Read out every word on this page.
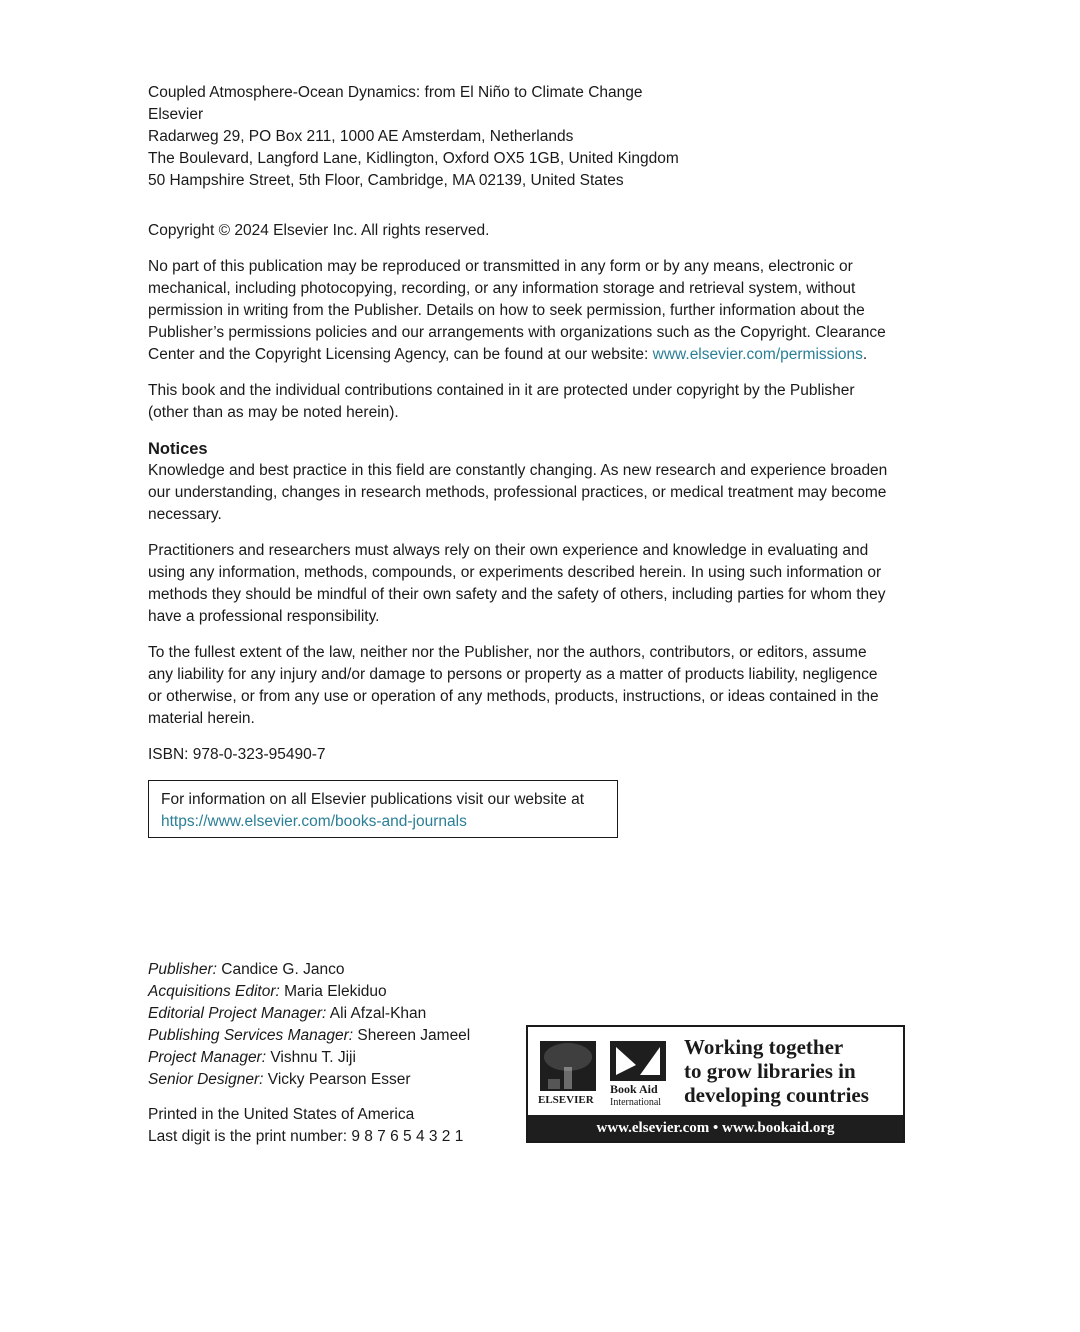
Coupled Atmosphere-Ocean Dynamics: from El Niño to Climate Change
Elsevier
Radarweg 29, PO Box 211, 1000 AE Amsterdam, Netherlands
The Boulevard, Langford Lane, Kidlington, Oxford OX5 1GB, United Kingdom
50 Hampshire Street, 5th Floor, Cambridge, MA 02139, United States

Copyright © 2024 Elsevier Inc. All rights reserved.

No part of this publication may be reproduced or transmitted in any form or by any means, electronic or mechanical, including photocopying, recording, or any information storage and retrieval system, without permission in writing from the Publisher. Details on how to seek permission, further information about the Publisher’s permissions policies and our arrangements with organizations such as the Copyright. Clearance Center and the Copyright Licensing Agency, can be found at our website: www.elsevier.com/permissions.

This book and the individual contributions contained in it are protected under copyright by the Publisher (other than as may be noted herein).

Notices

Knowledge and best practice in this field are constantly changing. As new research and experience broaden our understanding, changes in research methods, professional practices, or medical treatment may become necessary.

Practitioners and researchers must always rely on their own experience and knowledge in evaluating and using any information, methods, compounds, or experiments described herein. In using such information or methods they should be mindful of their own safety and the safety of others, including parties for whom they have a professional responsibility.

To the fullest extent of the law, neither nor the Publisher, nor the authors, contributors, or editors, assume any liability for any injury and/or damage to persons or property as a matter of products liability, negligence or otherwise, or from any use or operation of any methods, products, instructions, or ideas contained in the material herein.

ISBN: 978-0-323-95490-7

For information on all Elsevier publications visit our website at
https://www.elsevier.com/books-and-journals
Publisher: Candice G. Janco
Acquisitions Editor: Maria Elekiduo
Editorial Project Manager: Ali Afzal-Khan
Publishing Services Manager: Shereen Jameel
Project Manager: Vishnu T. Jiji
Senior Designer: Vicky Pearson Esser
Printed in the United States of America
Last digit is the print number: 9 8 7 6 5 4 3 2 1
ELSEVIER
Book Aid
International
Working together
to grow libraries in
developing countries
www.elsevier.com • www.bookaid.org
